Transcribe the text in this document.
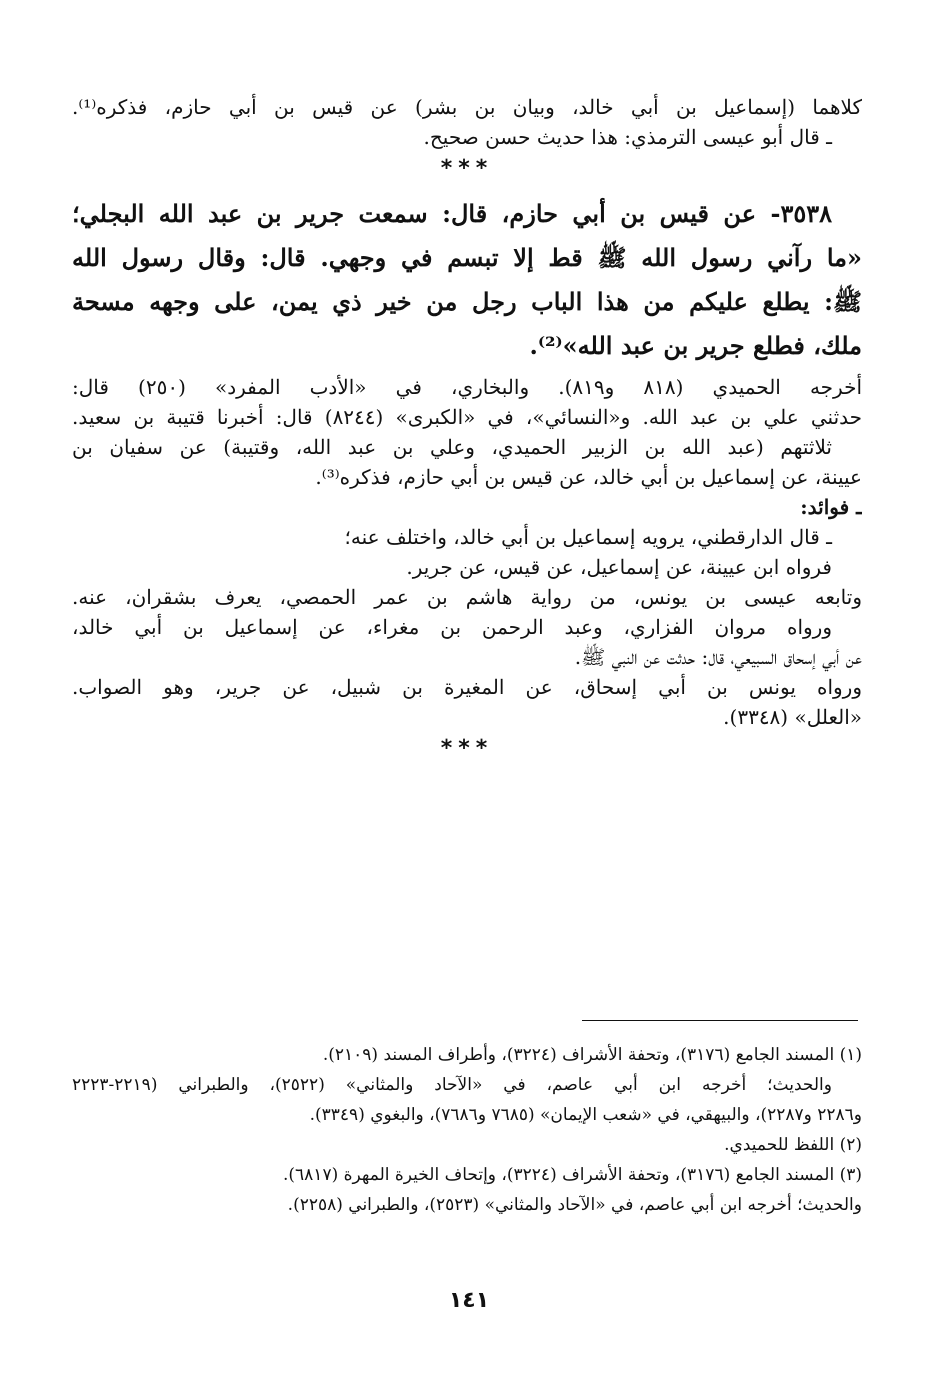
كلاهما (إسماعيل بن أبي خالد، وبيان بن بشر) عن قيس بن أبي حازم، فذكره⁽¹⁾.
ـ قال أبو عيسى الترمذي: هذا حديث حسن صحيح.
***
٣٥٣٨- عن قيس بن أبي حازم، قال: سمعت جرير بن عبد الله البجلي؛
«ما رآني رسول الله ﷺ قط إلا تبسم في وجهي. قال: وقال رسول الله
ﷺ: يطلع عليكم من هذا الباب رجل من خير ذي يمن، على وجهه مسحة
ملك، فطلع جرير بن عبد الله»⁽²⁾.
أخرجه الحميدي (٨١٨ و٨١٩). والبخاري، في «الأدب المفرد» (٢٥٠) قال:
حدثني علي بن عبد الله. و«النسائي»، في «الكبرى» (٨٢٤٤) قال: أخبرنا قتيبة بن سعيد.
ثلاثتهم (عبد الله بن الزبير الحميدي، وعلي بن عبد الله، وقتيبة) عن سفيان بن
عيينة، عن إسماعيل بن أبي خالد، عن قيس بن أبي حازم، فذكره⁽³⁾.
ـ فوائد:
ـ قال الدارقطني، يرويه إسماعيل بن أبي خالد، واختلف عنه؛
فرواه ابن عيينة، عن إسماعيل، عن قيس، عن جرير.
وتابعه عيسى بن يونس، من رواية هاشم بن عمر الحمصي، يعرف بشقران، عنه.
ورواه مروان الفزاري، وعبد الرحمن بن مغراء، عن إسماعيل بن أبي خالد،
عن أبي إسحاق السبيعي، قال: حدثت عن النبي ﷺ.
ورواه يونس بن أبي إسحاق، عن المغيرة بن شبيل، عن جرير، وهو الصواب.
«العلل» (٣٣٤٨).
***
(١) المسند الجامع (٣١٧٦)، وتحفة الأشراف (٣٢٢٤)، وأطراف المسند (٢١٠٩).
والحديث؛ أخرجه ابن أبي عاصم، في «الآحاد والمثاني» (٢٥٢٢)، والطبراني (٢٢١٩-٢٢٢٣
و٢٢٨٦ و٢٢٨٧)، والبيهقي، في «شعب الإيمان» (٧٦٨٥ و٧٦٨٦)، والبغوي (٣٣٤٩).
(٢) اللفظ للحميدي.
(٣) المسند الجامع (٣١٧٦)، وتحفة الأشراف (٣٢٢٤)، وإتحاف الخيرة المهرة (٦٨١٧).
والحديث؛ أخرجه ابن أبي عاصم، في «الآحاد والمثاني» (٢٥٢٣)، والطبراني (٢٢٥٨).
١٤١
